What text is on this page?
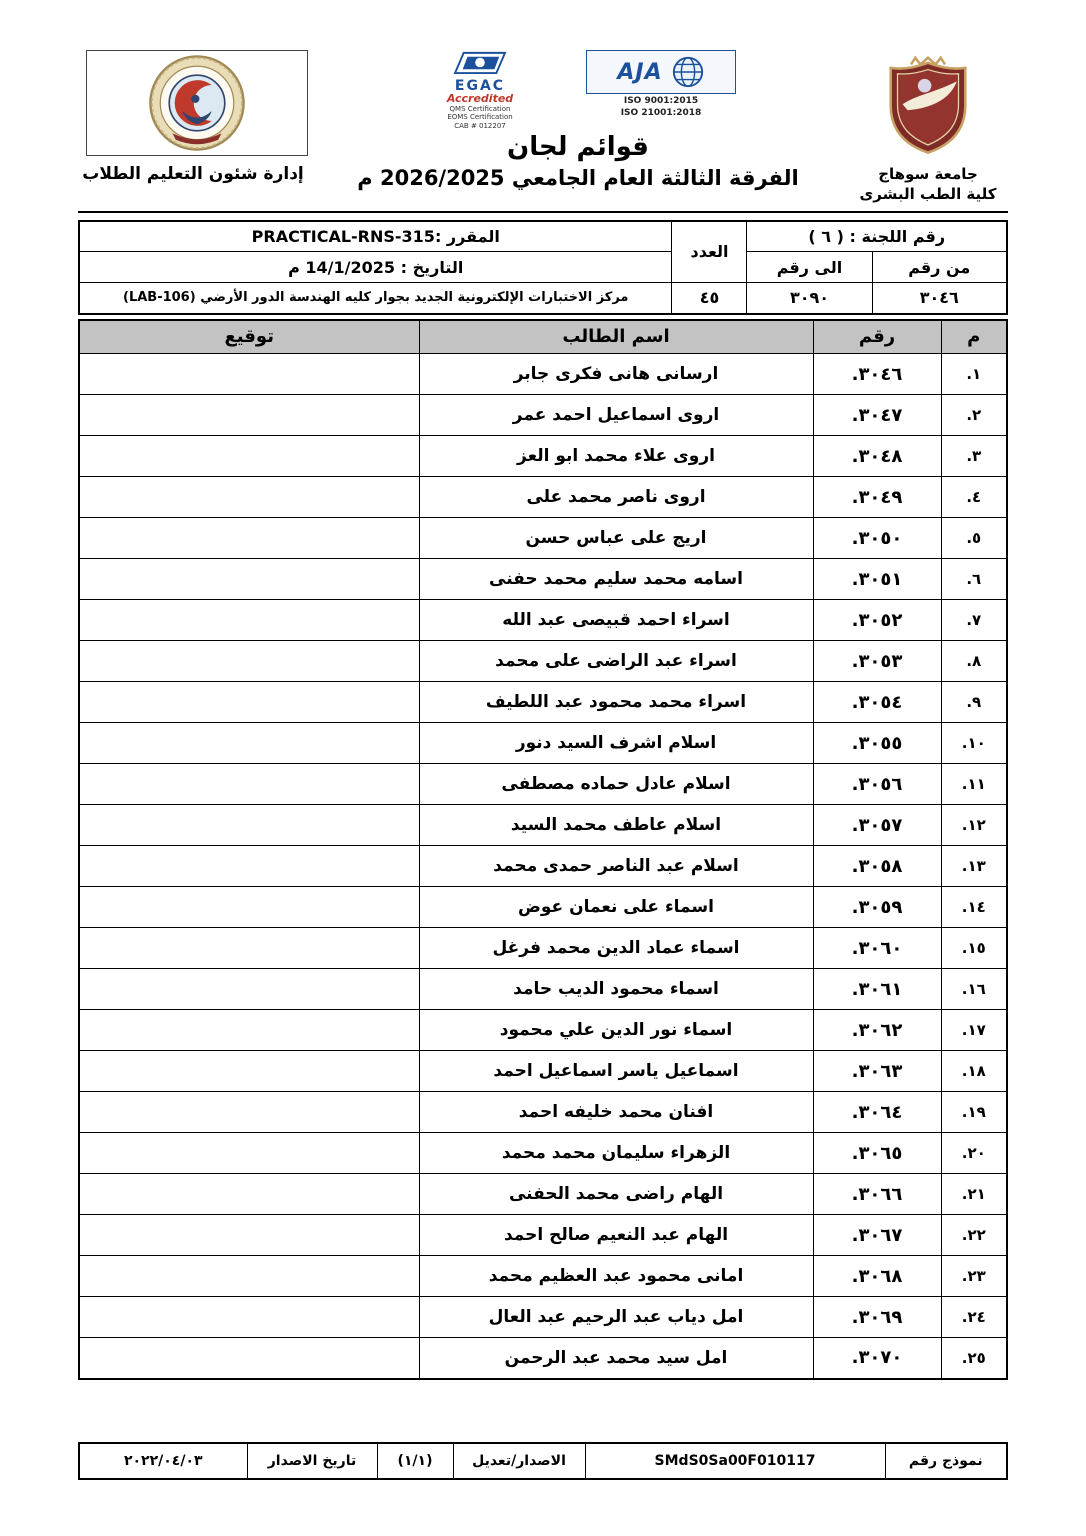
جامعة سوهاج
كلية الطب البشرى
EGAC
Accredited
QMS Certification
EOMS Certification
CAB # 012207
AJA
ISO 9001:2015
ISO 21001:2018
قوائم لجان
الفرقة الثالثة العام الجامعي 2026/2025 م
إدارة شئون التعليم الطلاب
رقم اللجنة : ( ٦ )		العدد	المقرر :PRACTICAL-RNS-315
من رقم	الى رقم		التاريخ : 14/1/2025 م
٣٠٤٦	٣٠٩٠	٤٥	مركز الاختبارات الإلكترونية الجديد بجوار كليه الهندسة الدور الأرضي (LAB-106)
م	رقم	اسم الطالب	توقيع
١.	٣٠٤٦.	ارسانى هانى فكرى جابر	
٢.	٣٠٤٧.	اروى اسماعيل احمد عمر	
٣.	٣٠٤٨.	اروى علاء محمد ابو العز	
٤.	٣٠٤٩.	اروى ناصر محمد على	
٥.	٣٠٥٠.	اريج على عباس حسن	
٦.	٣٠٥١.	اسامه محمد سليم محمد حفنى	
٧.	٣٠٥٢.	اسراء احمد قبيصى عبد الله	
٨.	٣٠٥٣.	اسراء عبد الراضى على محمد	
٩.	٣٠٥٤.	اسراء محمد محمود عبد اللطيف	
١٠.	٣٠٥٥.	اسلام اشرف السيد دنور	
١١.	٣٠٥٦.	اسلام عادل حماده مصطفى	
١٢.	٣٠٥٧.	اسلام عاطف محمد السيد	
١٣.	٣٠٥٨.	اسلام عبد الناصر حمدى محمد	
١٤.	٣٠٥٩.	اسماء على نعمان عوض	
١٥.	٣٠٦٠.	اسماء عماد الدين محمد فرغل	
١٦.	٣٠٦١.	اسماء محمود الديب حامد	
١٧.	٣٠٦٢.	اسماء نور الدين علي محمود	
١٨.	٣٠٦٣.	اسماعيل ياسر اسماعيل احمد	
١٩.	٣٠٦٤.	افنان محمد خليفه احمد	
٢٠.	٣٠٦٥.	الزهراء سليمان محمد محمد	
٢١.	٣٠٦٦.	الهام راضى محمد الحفنى	
٢٢.	٣٠٦٧.	الهام عبد النعيم صالح احمد	
٢٣.	٣٠٦٨.	امانى محمود عبد العظيم محمد	
٢٤.	٣٠٦٩.	امل دياب عبد الرحيم عبد العال	
٢٥.	٣٠٧٠.	امل سيد محمد عبد الرحمن	
نموذج رقم	SMdS0Sa00F010117	الاصدار/تعديل	(١/١)	تاريخ الاصدار	٢٠٢٢/٠٤/٠٣
